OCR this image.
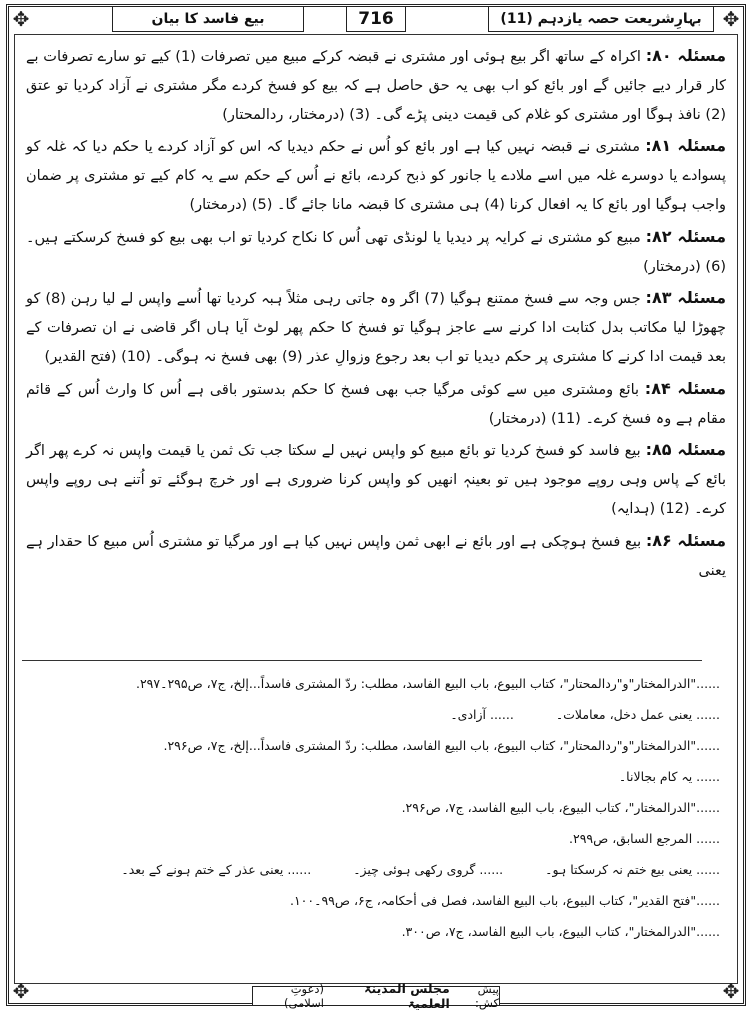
✥	✥
✥	✥
بہارِشریعت حصہ یازدہم (11)
716
بیع فاسد کا بیان

مسئلہ ۸۰: اکراہ کے ساتھ اگر بیع ہوئی اور مشتری نے قبضہ کرکے مبیع میں تصرفات (1) کیے تو سارے تصرفات بے کار قرار دیے جائیں گے اور بائع کو اب بھی یہ حق حاصل ہے کہ بیع کو فسخ کردے مگر مشتری نے آزاد کردیا تو عتق (2) نافذ ہوگا اور مشتری کو غلام کی قیمت دینی پڑے گی۔ (3) (درمختار، ردالمحتار)

مسئلہ ۸۱: مشتری نے قبضہ نہیں کیا ہے اور بائع کو اُس نے حکم دیدیا کہ اس کو آزاد کردے یا حکم دیا کہ غلہ کو پسوادے یا دوسرے غلہ میں اسے ملادے یا جانور کو ذبح کردے، بائع نے اُس کے حکم سے یہ کام کیے تو مشتری پر ضمان واجب ہوگیا اور بائع کا یہ افعال کرنا (4) ہی مشتری کا قبضہ مانا جائے گا۔ (5) (درمختار)

مسئلہ ۸۲: مبیع کو مشتری نے کرایہ پر دیدیا یا لونڈی تھی اُس کا نکاح کردیا تو اب بھی بیع کو فسخ کرسکتے ہیں۔ (6) (درمختار)

مسئلہ ۸۳: جس وجہ سے فسخ ممتنع ہوگیا (7) اگر وہ جاتی رہی مثلاً ہبہ کردیا تھا اُسے واپس لے لیا رہن (8) کو چھوڑا لیا مکاتب بدل کتابت ادا کرنے سے عاجز ہوگیا تو فسخ کا حکم پھر لوٹ آیا ہاں اگر قاضی نے ان تصرفات کے بعد قیمت ادا کرنے کا مشتری پر حکم دیدیا تو اب بعد رجوع وزوالِ عذر (9) بھی فسخ نہ ہوگی۔ (10) (فتح القدیر)

مسئلہ ۸۴: بائع ومشتری میں سے کوئی مرگیا جب بھی فسخ کا حکم بدستور باقی ہے اُس کا وارث اُس کے قائم مقام ہے وہ فسخ کرے۔ (11) (درمختار)

مسئلہ ۸۵: بیع فاسد کو فسخ کردیا تو بائع مبیع کو واپس نہیں لے سکتا جب تک ثمن یا قیمت واپس نہ کرے پھر اگر بائع کے پاس وہی روپے موجود ہیں تو بعینہٖ انھیں کو واپس کرنا ضروری ہے اور خرچ ہوگئے تو اُتنے ہی روپے واپس کرے۔ (12) (ہدایہ)

مسئلہ ۸۶: بیع فسخ ہوچکی ہے اور بائع نے ابھی ثمن واپس نہیں کیا ہے اور مرگیا تو مشتری اُس مبیع کا حقدار ہے یعنی

......"الدرالمختار"و"ردالمحتار"، کتاب البیوع، باب البیع الفاسد، مطلب: ردّ المشتری فاسداً...إلخ، ج۷، ص۲۹۵۔۲۹۷.
...... یعنی عمل دخل، معاملات۔...... آزادی۔
......"الدرالمختار"و"ردالمحتار"، کتاب البیوع، باب البیع الفاسد، مطلب: ردّ المشتری فاسداً...إلخ، ج۷، ص۲۹۶.
...... یہ کام بجالانا۔
......"الدرالمختار"، کتاب البیوع، باب البیع الفاسد، ج۷، ص۲۹۶.
...... المرجع السابق، ص۲۹۹.
...... یعنی بیع ختم نہ کرسکتا ہو۔...... گروی رکھی ہوئی چیز۔...... یعنی عذر کے ختم ہونے کے بعد۔
......"فتح القدیر"، کتاب البیوع، باب البیع الفاسد، فصل فی أحکامہ، ج۶، ص۹۹۔۱۰۰.
......"الدرالمختار"، کتاب البیوع، باب البیع الفاسد، ج۷، ص۳۰۰.
پیش کش:
مجلس المدینۃ العلمیۃ
(دعوتِ اسلامی)
